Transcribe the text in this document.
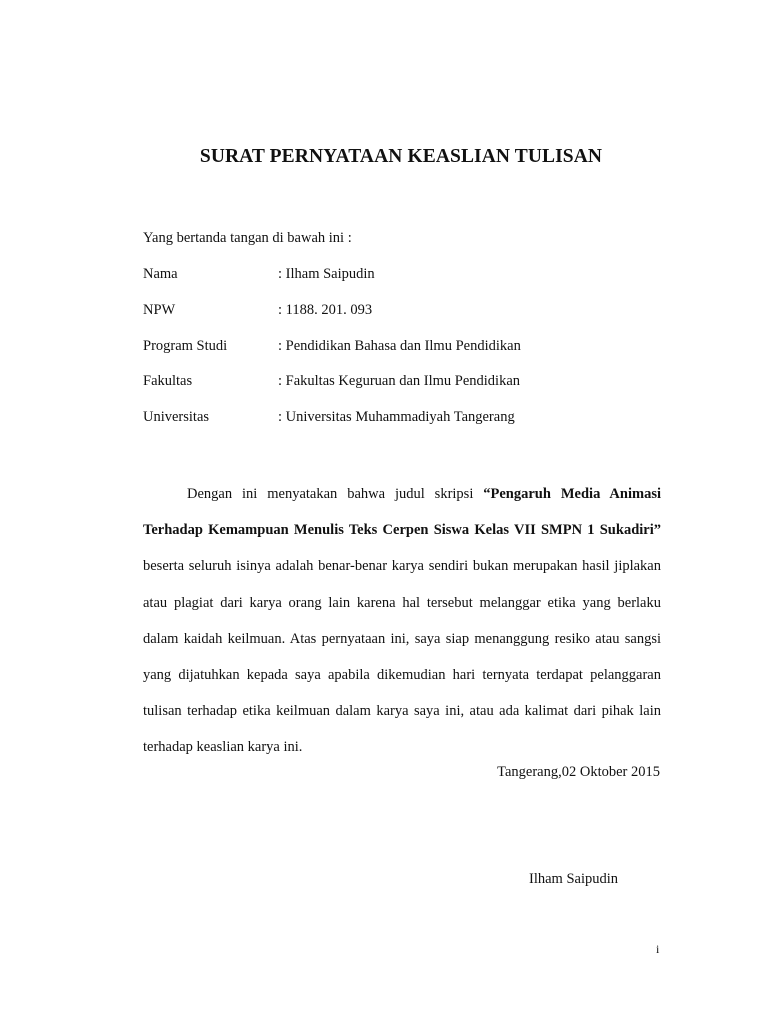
SURAT PERNYATAAN KEASLIAN TULISAN
Yang bertanda tangan di bawah ini :
Nama	: Ilham Saipudin
NPW	: 1188. 201. 093
Program Studi	: Pendidikan Bahasa dan Ilmu Pendidikan
Fakultas	: Fakultas Keguruan dan Ilmu Pendidikan
Universitas	: Universitas Muhammadiyah Tangerang
Dengan ini menyatakan bahwa judul skripsi “Pengaruh Media Animasi Terhadap Kemampuan Menulis Teks Cerpen Siswa Kelas VII SMPN 1 Sukadiri” beserta seluruh isinya adalah benar-benar karya sendiri bukan merupakan hasil jiplakan atau plagiat dari karya orang lain karena hal tersebut melanggar etika yang berlaku dalam kaidah keilmuan. Atas pernyataan ini, saya siap menanggung resiko atau sangsi yang dijatuhkan kepada saya apabila dikemudian hari ternyata terdapat pelanggaran tulisan terhadap etika keilmuan dalam karya saya ini, atau ada kalimat dari pihak lain terhadap keaslian karya ini.
Tangerang,02 Oktober 2015
Ilham Saipudin
i
